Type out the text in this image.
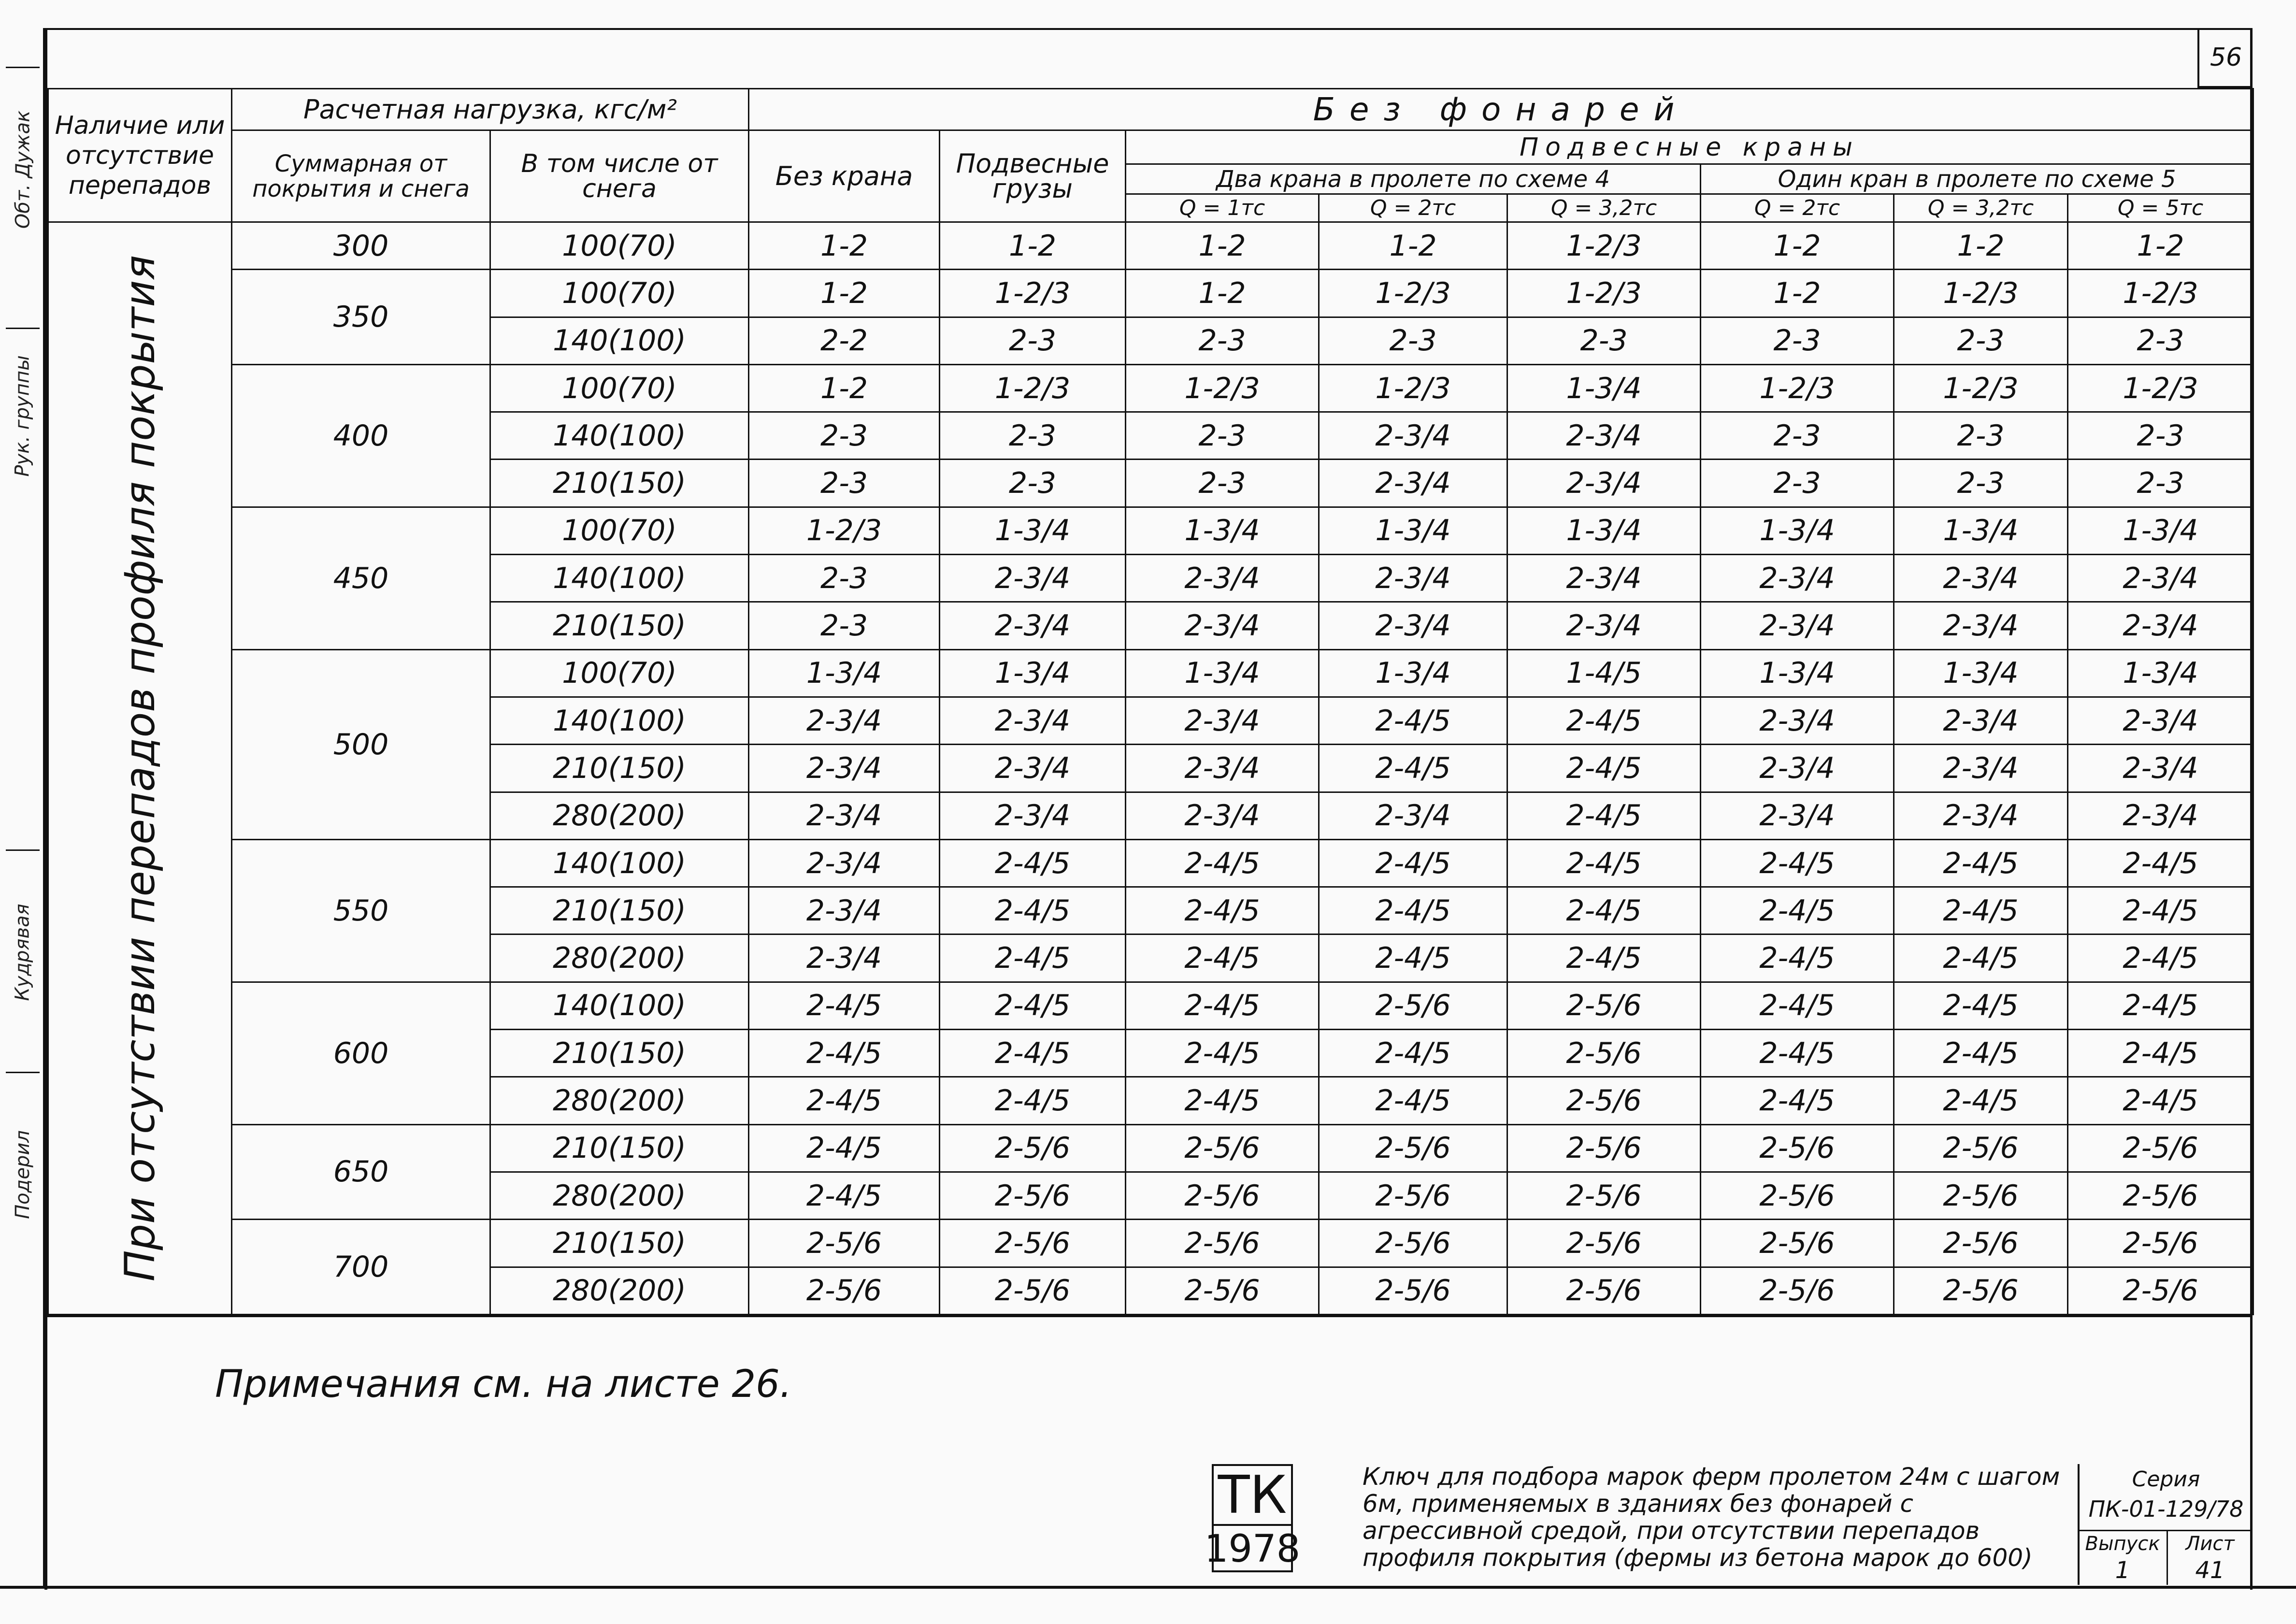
Подерил
Кудрявая
Рук. группы
Обт. Дужак
56
Наличие или отсутствие перепадов	Расчетная нагрузка, кгс/м²		Без фонарей							
	Суммарная от покрытия и снега	В том числе от снега	Без крана	Подвесные грузы	Подвесные краны					
					Два крана в пролете по схеме 4			Один кран в пролете по схеме 5		
					Q = 1тс	Q = 2тс	Q = 3,2тс	Q = 2тс	Q = 3,2тс	Q = 5тс

При отсутствии перепадов профиля покрытия	300	100(70)	1-2	1-2	1-2	1-2	1-2/3	1-2	1-2	1-2
	350	100(70)	1-2	1-2/3	1-2	1-2/3	1-2/3	1-2	1-2/3	1-2/3
		140(100)	2-2	2-3	2-3	2-3	2-3	2-3	2-3	2-3
	400	100(70)	1-2	1-2/3	1-2/3	1-2/3	1-3/4	1-2/3	1-2/3	1-2/3
		140(100)	2-3	2-3	2-3	2-3/4	2-3/4	2-3	2-3	2-3
		210(150)	2-3	2-3	2-3	2-3/4	2-3/4	2-3	2-3	2-3
	450	100(70)	1-2/3	1-3/4	1-3/4	1-3/4	1-3/4	1-3/4	1-3/4	1-3/4
		140(100)	2-3	2-3/4	2-3/4	2-3/4	2-3/4	2-3/4	2-3/4	2-3/4
		210(150)	2-3	2-3/4	2-3/4	2-3/4	2-3/4	2-3/4	2-3/4	2-3/4
	500	100(70)	1-3/4	1-3/4	1-3/4	1-3/4	1-4/5	1-3/4	1-3/4	1-3/4
		140(100)	2-3/4	2-3/4	2-3/4	2-4/5	2-4/5	2-3/4	2-3/4	2-3/4
		210(150)	2-3/4	2-3/4	2-3/4	2-4/5	2-4/5	2-3/4	2-3/4	2-3/4
		280(200)	2-3/4	2-3/4	2-3/4	2-3/4	2-4/5	2-3/4	2-3/4	2-3/4
	550	140(100)	2-3/4	2-4/5	2-4/5	2-4/5	2-4/5	2-4/5	2-4/5	2-4/5
		210(150)	2-3/4	2-4/5	2-4/5	2-4/5	2-4/5	2-4/5	2-4/5	2-4/5
		280(200)	2-3/4	2-4/5	2-4/5	2-4/5	2-4/5	2-4/5	2-4/5	2-4/5
	600	140(100)	2-4/5	2-4/5	2-4/5	2-5/6	2-5/6	2-4/5	2-4/5	2-4/5
		210(150)	2-4/5	2-4/5	2-4/5	2-4/5	2-5/6	2-4/5	2-4/5	2-4/5
		280(200)	2-4/5	2-4/5	2-4/5	2-4/5	2-5/6	2-4/5	2-4/5	2-4/5
	650	210(150)	2-4/5	2-5/6	2-5/6	2-5/6	2-5/6	2-5/6	2-5/6	2-5/6
		280(200)	2-4/5	2-5/6	2-5/6	2-5/6	2-5/6	2-5/6	2-5/6	2-5/6
	700	210(150)	2-5/6	2-5/6	2-5/6	2-5/6	2-5/6	2-5/6	2-5/6	2-5/6
		280(200)	2-5/6	2-5/6	2-5/6	2-5/6	2-5/6	2-5/6	2-5/6	2-5/6
Примечания см. на листе 26.
ТК
1978
Ключ для подбора марок ферм пролетом 24м с шагом 6м, применяемых в зданиях без фонарей с агрессивной средой, при отсутствии перепадов профиля покрытия (фермы из бетона марок до 600)
Серия
ПК-01-129/78
Выпуск
1
Лист
41
